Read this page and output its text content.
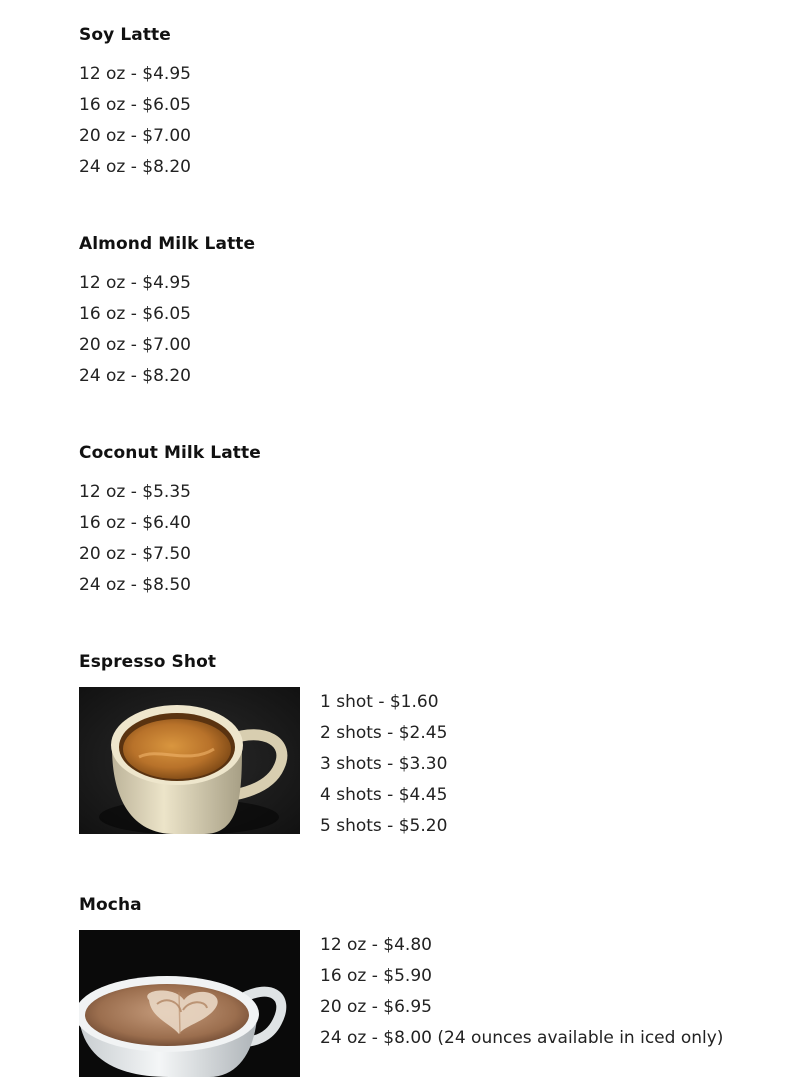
Soy Latte
12 oz - $4.95
16 oz - $6.05
20 oz - $7.00
24 oz - $8.20
Almond Milk Latte
12 oz - $4.95
16 oz - $6.05
20 oz - $7.00
24 oz - $8.20
Coconut Milk Latte
12 oz - $5.35
16 oz - $6.40
20 oz - $7.50
24 oz - $8.50
Espresso Shot
1 shot - $1.60
2 shots - $2.45
3 shots - $3.30
4 shots - $4.45
5 shots - $5.20
Mocha
12 oz - $4.80
16 oz - $5.90
20 oz - $6.95
24 oz - $8.00 (24 ounces available in iced only)
